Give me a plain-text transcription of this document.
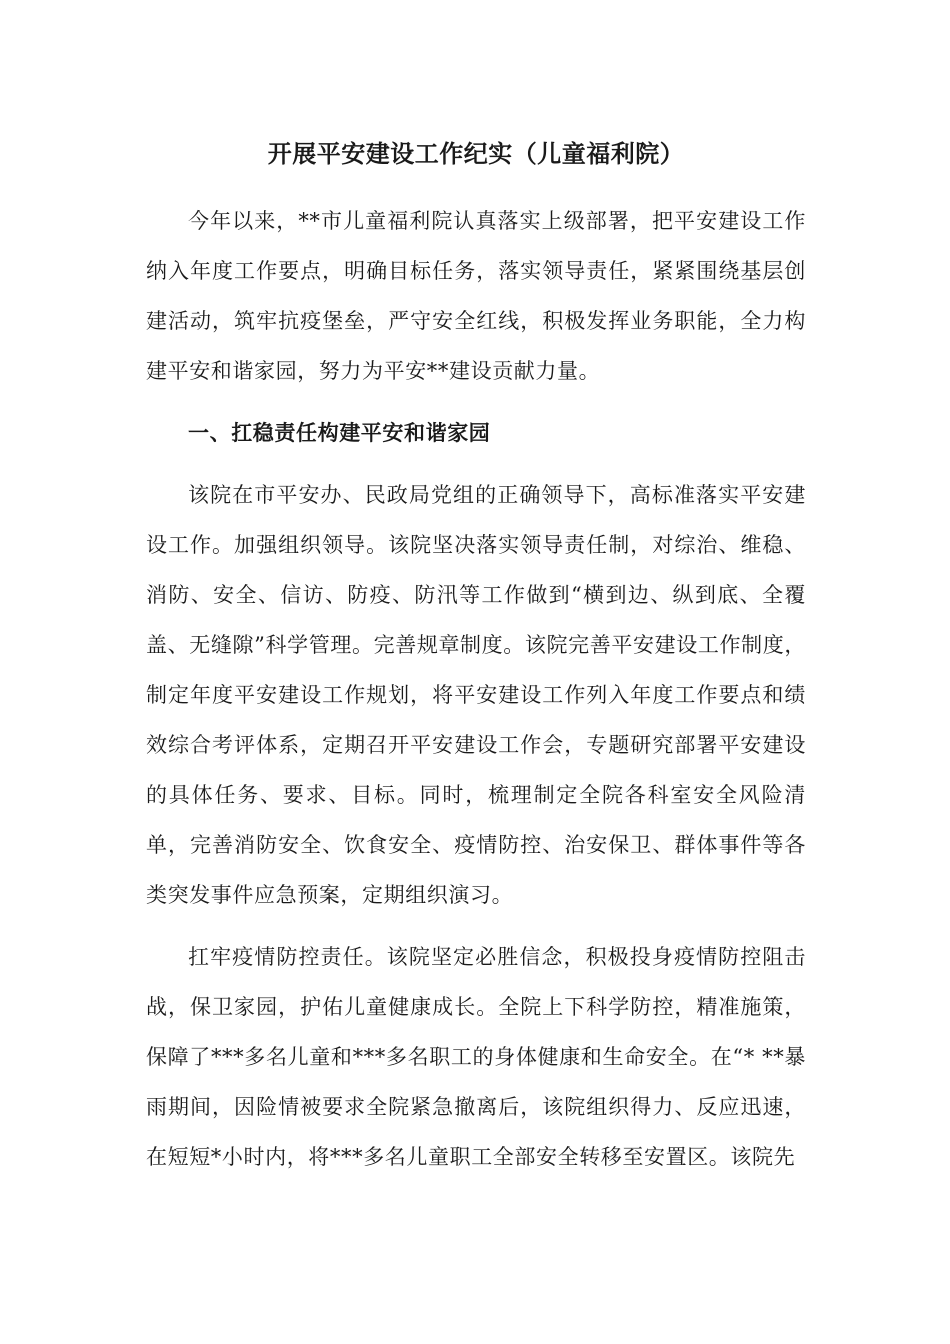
开展平安建设工作纪实（儿童福利院）

今年以来，**市儿童福利院认真落实上级部署，把平安建设工作纳入年度工作要点，明确目标任务，落实领导责任，紧紧围绕基层创建活动，筑牢抗疫堡垒，严守安全红线，积极发挥业务职能，全力构建平安和谐家园，努力为平安**建设贡献力量。

一、扛稳责任构建平安和谐家园

该院在市平安办、民政局党组的正确领导下，高标准落实平安建设工作。加强组织领导。该院坚决落实领导责任制，对综治、维稳、消防、安全、信访、防疫、防汛等工作做到“横到边、纵到底、全覆盖、无缝隙”科学管理。完善规章制度。该院完善平安建设工作制度，制定年度平安建设工作规划，将平安建设工作列入年度工作要点和绩效综合考评体系，定期召开平安建设工作会，专题研究部署平安建设的具体任务、要求、目标。同时，梳理制定全院各科室安全风险清单，完善消防安全、饮食安全、疫情防控、治安保卫、群体事件等各类突发事件应急预案，定期组织演习。

扛牢疫情防控责任。该院坚定必胜信念，积极投身疫情防控阻击战，保卫家园，护佑儿童健康成长。全院上下科学防控，精准施策，保障了***多名儿童和***多名职工的身体健康和生命安全。在“* **暴雨期间，因险情被要求全院紧急撤离后，该院组织得力、反应迅速，在短短*小时内，将***多名儿童职工全部安全转移至安置区。该院先
